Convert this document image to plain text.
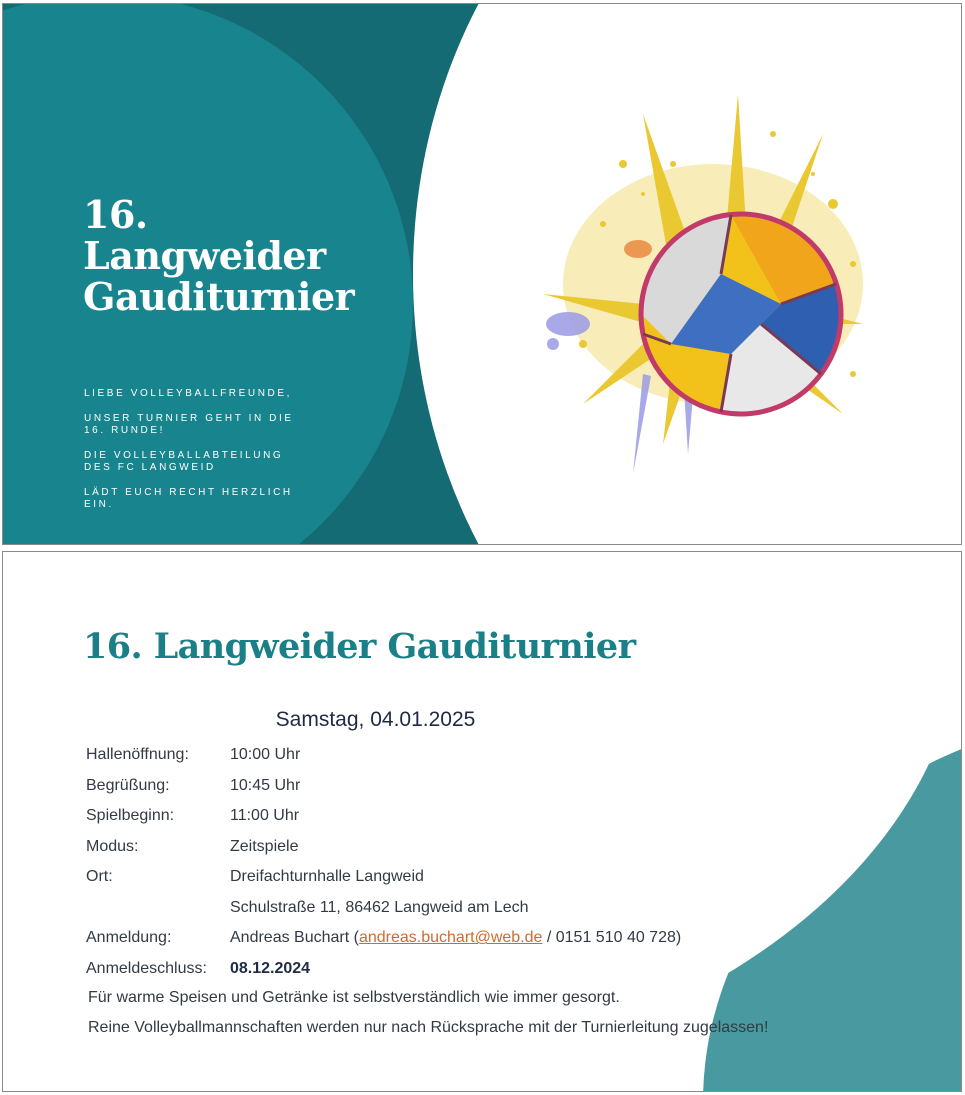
16.
Langweider
Gauditurnier
LIEBE VOLLEYBALLFREUNDE,
UNSER TURNIER GEHT IN DIE 16. RUNDE!
DIE VOLLEYBALLABTEILUNG DES FC LANGWEID
LÄDT EUCH RECHT HERZLICH EIN.
16. Langweider Gauditurnier
Samstag, 04.01.2025
Hallenöffnung:	10:00 Uhr
Begrüßung:	10:45 Uhr
Spielbeginn:	11:00 Uhr
Modus:	Zeitspiele
Ort:	Dreifachturnhalle Langweid
	Schulstraße 11, 86462 Langweid am Lech
Anmeldung:	Andreas Buchart (andreas.buchart@web.de / 0151 510 40 728)
Anmeldeschluss:	08.12.2024

Für warme Speisen und Getränke ist selbstverständlich wie immer gesorgt.

Reine Volleyballmannschaften werden nur nach Rücksprache mit der Turnierleitung zugelassen!
